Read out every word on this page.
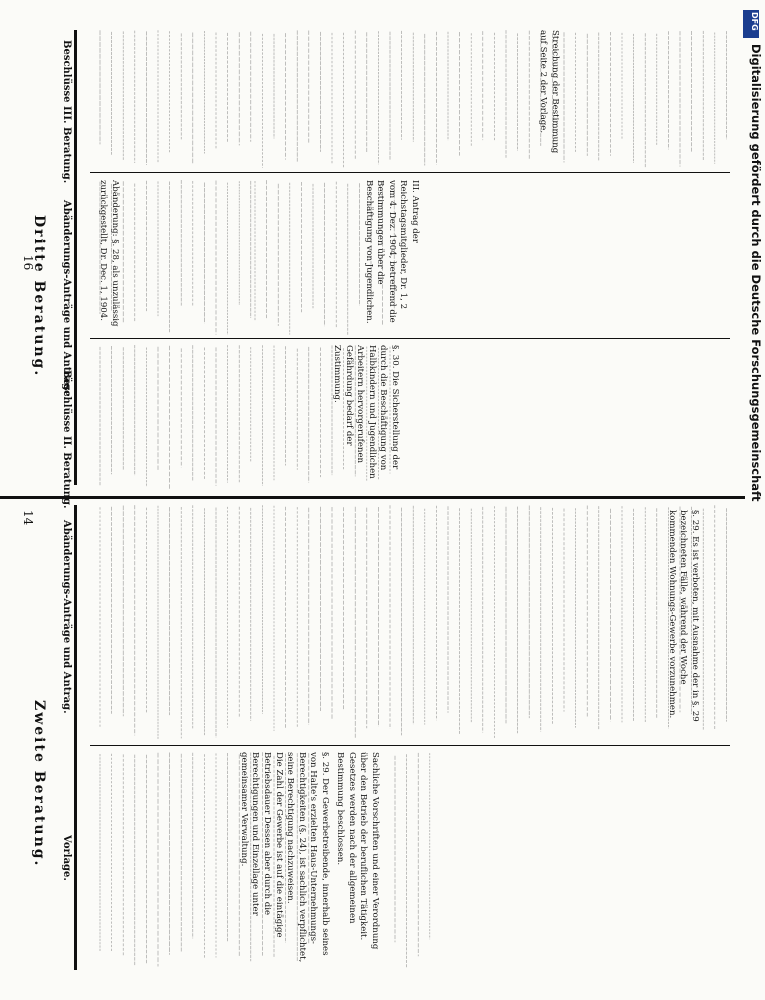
Zweite Beratung.
14
Vorlage.
Abänderungs-Anträge und Antrag.

§. 29. Der Gewerbetreibende, innerhalb seines von Halte's erzielten Haus-Unternehmungs-Berechtigkeiten (§. 24), ist sachlich verpflichtet, seine Berechtigung nachzuweisen.

Die Zahl der Gewerbe ist auf die eintägige Betriebsdauer Dessen aber durch die Berechtigungen und Einzellage unter gemeinsamer Verwaltung.	Sachliche Vorschriften und einer Verordnung über den Betrieb der beruflichen Tätigkeit. Gesetzes werden nach der allgemeinen Bestimmung beschlossen.

§. 29. Es ist verboten, mit Ausnahme der in §. 29 bezeichneten Fälle, während der Woche kommenden Wohnungs-Gewerbe vorzunehmen.

Dritte Beratung.
16
Beschlüsse II. Beratung.
Abänderungs-Anträge und Anträge.
Beschlüsse III. Beratung.

Abänderung: §. 28, als unzulässig zurückgestellt, Dr. Dec. 1, 1904.

§. 30. Die Sicherstellung der durch die Beschäftigung von Halbkindern und Jugendlichen Arbeitern hervorgerufenen Gefährdung bedarf der Zustimmung.

III. Antrag der Reichstagsmitglieder, Dr. 1, 2 vom 4. Dez. 1904, betreffend die Bestimmungen über die Beschäftigung von Jugendlichen.

Streichung der Bestimmung auf Seite 2 der Vorlage.

DFG
Digitalisierung gefördert durch die Deutsche Forschungsgemeinschaft
